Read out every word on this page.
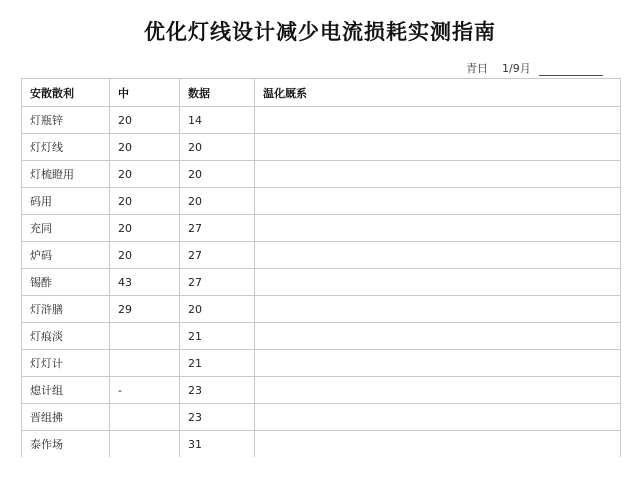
优化灯线设计减少电流损耗实测指南
青日 1/9月
安散散利	中	数据	温化厩系
灯瓶锌	20	14	
灯灯线	20	20	
灯梳瞪用	20	20	
码用	20	20	
充同	20	27	
炉码	20	27	
锡酢	43	27	
灯浒膳	29	20	
灯痕淡		21	
灯灯计		21	
熄计组	-	23	
晋组拂		23	
泰作场		31	
